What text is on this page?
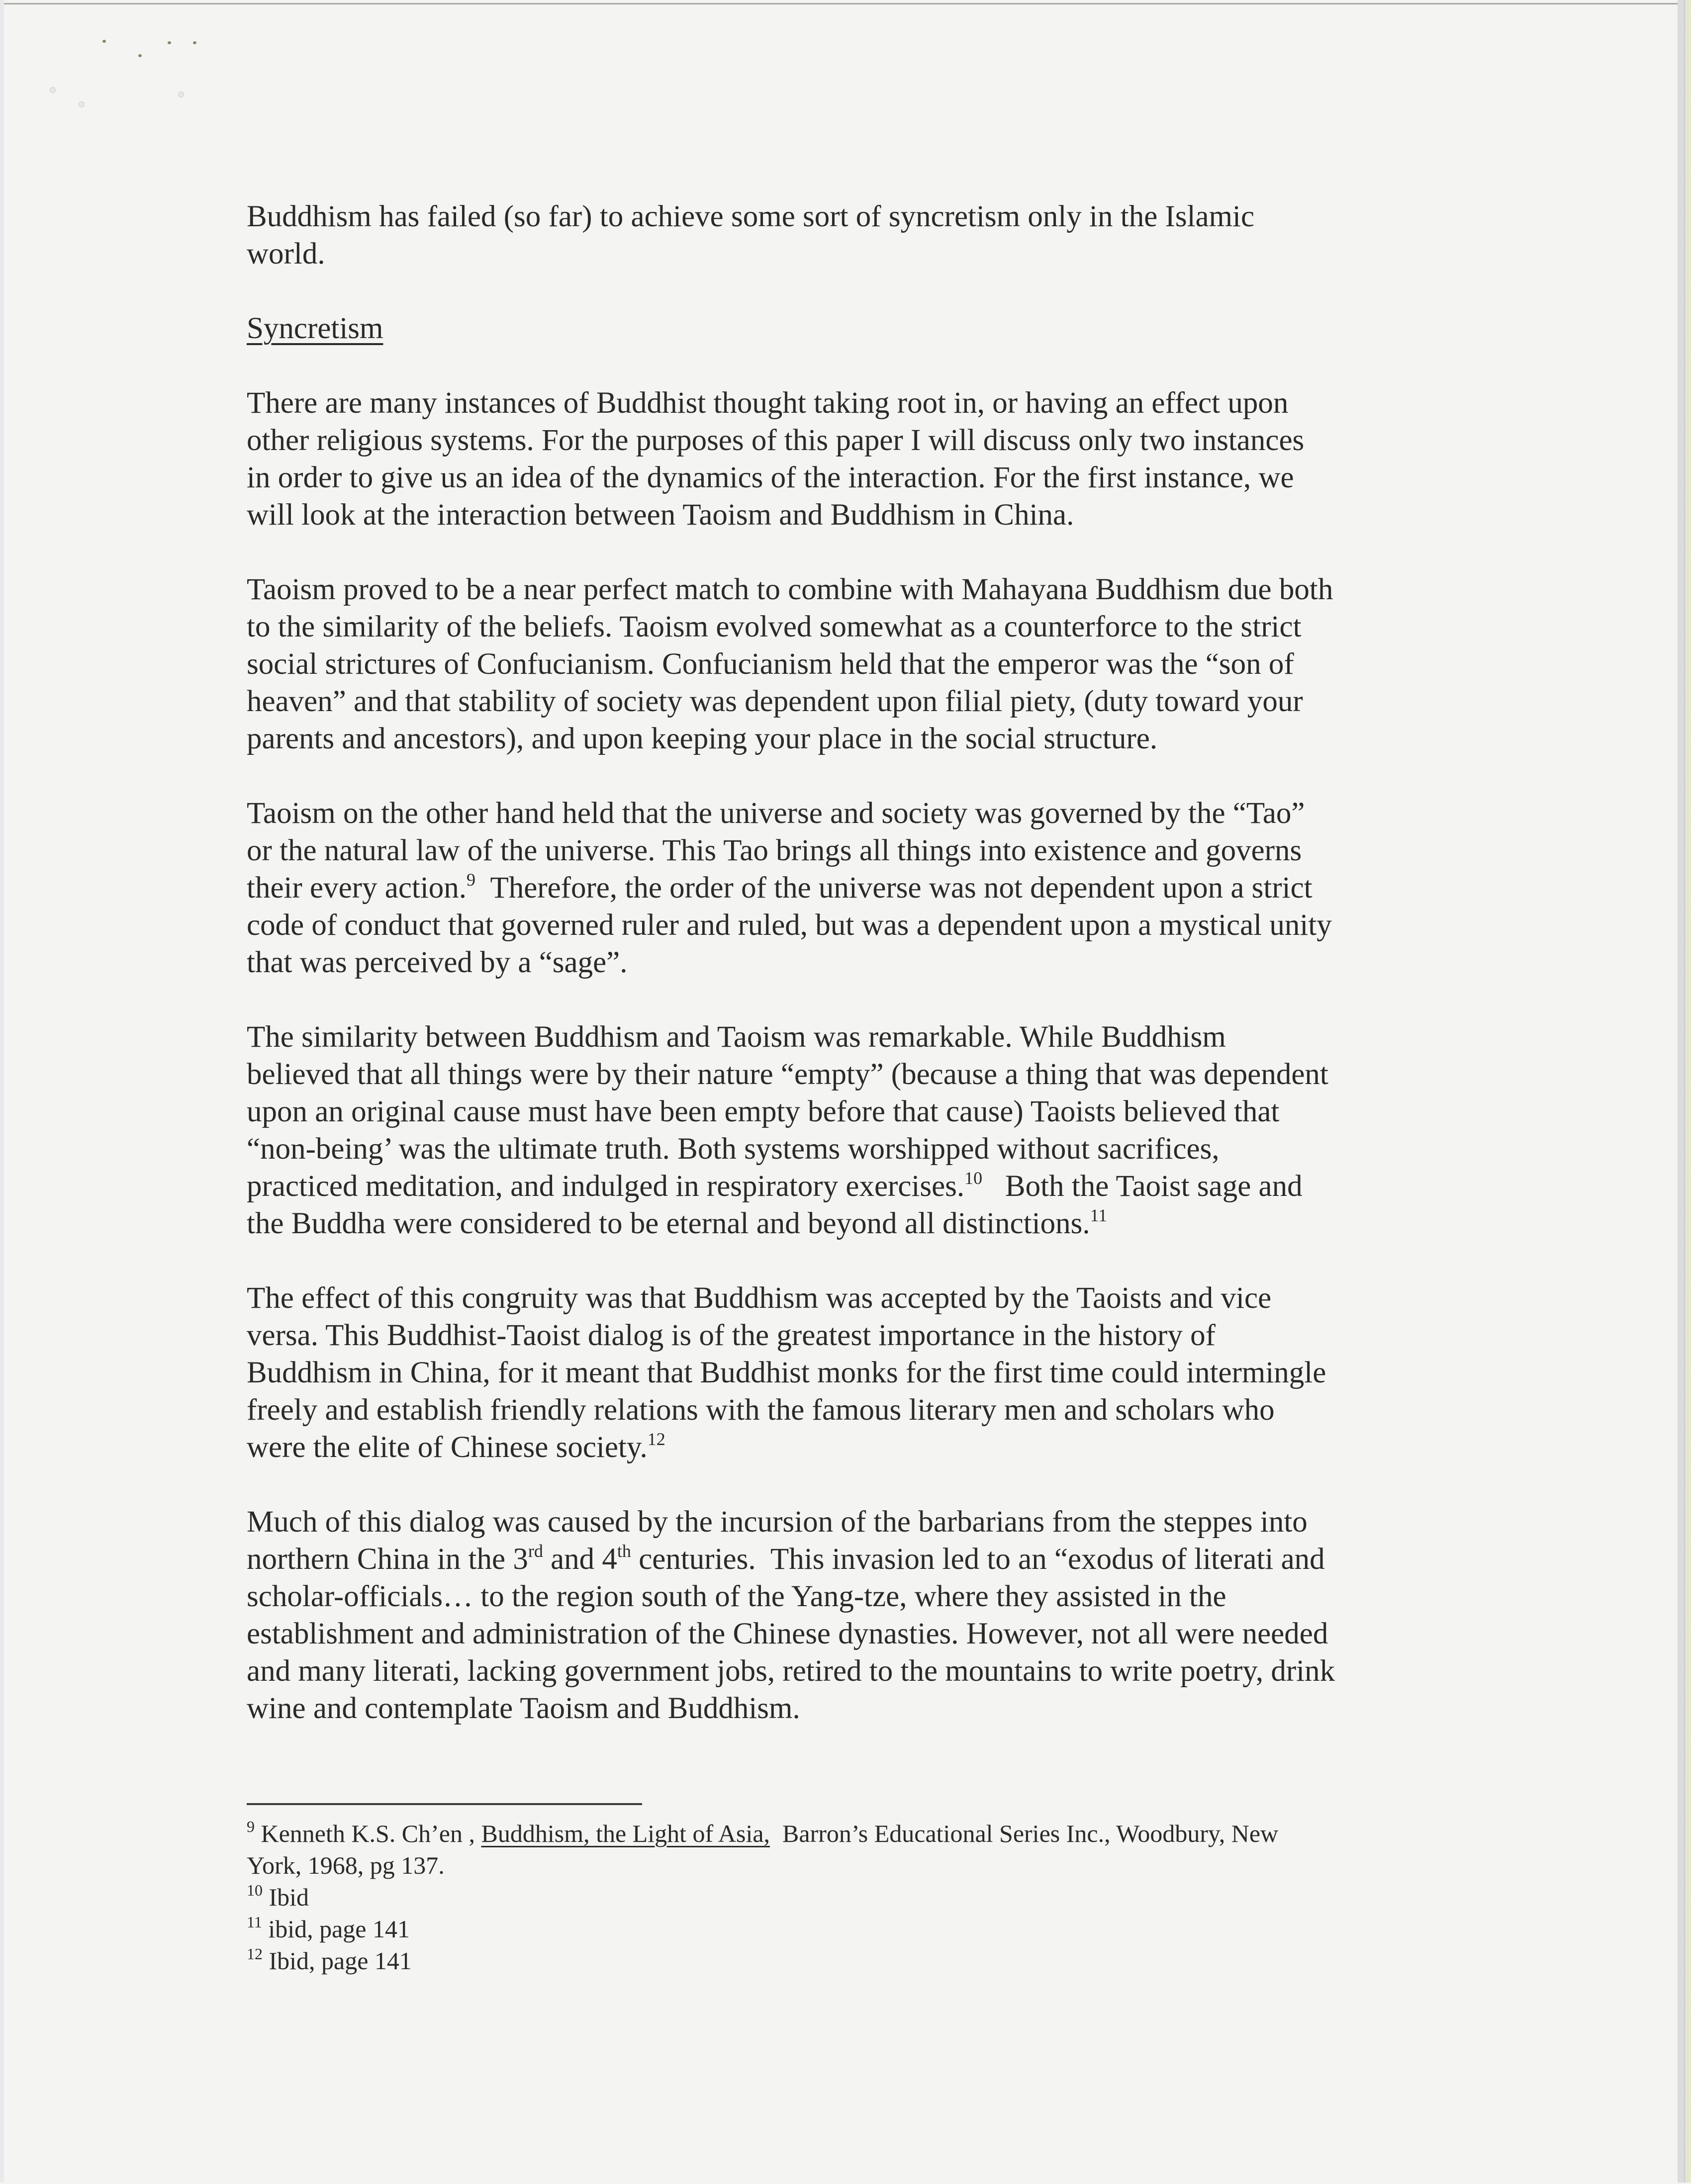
Buddhism has failed (so far) to achieve some sort of syncretism only in the Islamic
world.
Syncretism
There are many instances of Buddhist thought taking root in, or having an effect upon
other religious systems. For the purposes of this paper I will discuss only two instances
in order to give us an idea of the dynamics of the interaction. For the first instance, we
will look at the interaction between Taoism and Buddhism in China.
Taoism proved to be a near perfect match to combine with Mahayana Buddhism due both
to the similarity of the beliefs. Taoism evolved somewhat as a counterforce to the strict
social strictures of Confucianism. Confucianism held that the emperor was the “son of
heaven” and that stability of society was dependent upon filial piety, (duty toward your
parents and ancestors), and upon keeping your place in the social structure.
Taoism on the other hand held that the universe and society was governed by the “Tao”
or the natural law of the universe. This Tao brings all things into existence and governs
their every action.$^9$  Therefore, the order of the universe was not dependent upon a strict
code of conduct that governed ruler and ruled, but was a dependent upon a mystical unity
that was perceived by a “sage”.
The similarity between Buddhism and Taoism was remarkable. While Buddhism
believed that all things were by their nature “empty” (because a thing that was dependent
upon an original cause must have been empty before that cause) Taoists believed that
“non-being’ was the ultimate truth. Both systems worshipped without sacrifices,
practiced meditation, and indulged in respiratory exercises.$^{10}$   Both the Taoist sage and
the Buddha were considered to be eternal and beyond all distinctions.$^{11}$
The effect of this congruity was that Buddhism was accepted by the Taoists and vice
versa. This Buddhist-Taoist dialog is of the greatest importance in the history of
Buddhism in China, for it meant that Buddhist monks for the first time could intermingle
freely and establish friendly relations with the famous literary men and scholars who
were the elite of Chinese society.$^{12}$
Much of this dialog was caused by the incursion of the barbarians from the steppes into
northern China in the 3rd and 4th centuries.  This invasion led to an “exodus of literati and
scholar-officials… to the region south of the Yang-tze, where they assisted in the
establishment and administration of the Chinese dynasties. However, not all were needed
and many literati, lacking government jobs, retired to the mountains to write poetry, drink
wine and contemplate Taoism and Buddhism.
$^9$ Kenneth K.S. Ch’en , Buddhism, the Light of Asia,  Barron’s Educational Series Inc., Woodbury, New
York, 1968, pg 137.
$^{10}$ Ibid
$^{11}$ ibid, page 141
$^{12}$ Ibid, page 141
